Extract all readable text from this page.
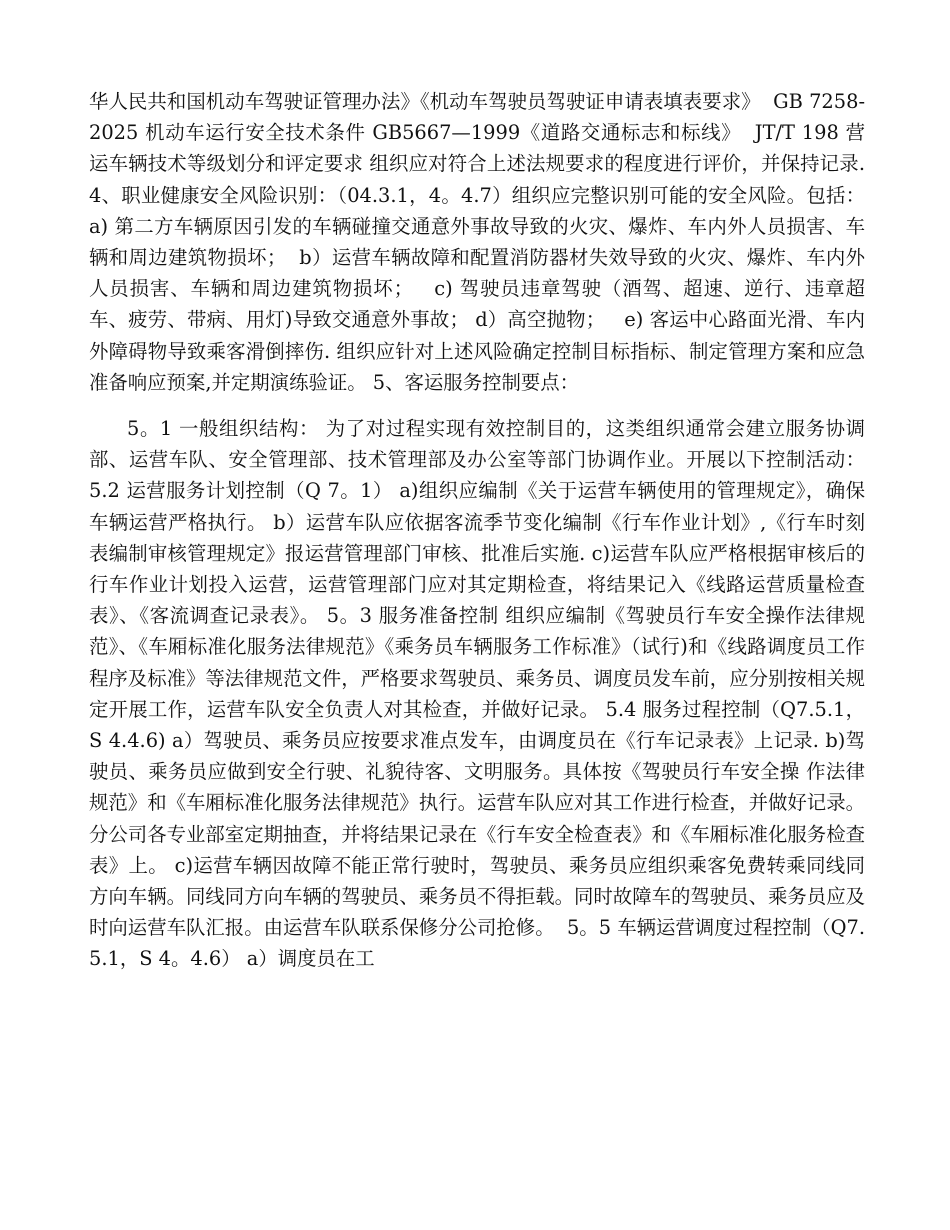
华人民共和国机动车驾驶证管理办法》《机动车驾驶员驾驶证申请表填表要求》  GB 7258-2025 机动车运行安全技术条件 GB5667—1999《道路交通标志和标线》  JT/T 198 营运车辆技术等级划分和评定要求 组织应对符合上述法规要求的程度进行评价，并保持记录. 4、职业健康安全风险识别：（04.3.1，4。4.7）组织应完整识别可能的安全风险。包括：  a) 第二方车辆原因引发的车辆碰撞交通意外事故导致的火灾、爆炸、车内外人员损害、车辆和周边建筑物损坏；  b）运营车辆故障和配置消防器材失效导致的火灾、爆炸、车内外人员损害、车辆和周边建筑物损坏；   c) 驾驶员违章驾驶（酒驾、超速、逆行、违章超车、疲劳、带病、用灯)导致交通意外事故； d）高空抛物；   e) 客运中心路面光滑、车内外障碍物导致乘客滑倒摔伤. 组织应针对上述风险确定控制目标指标、制定管理方案和应急准备响应预案,并定期演练验证。 5、客运服务控制要点：

5。1 一般组织结构： 为了对过程实现有效控制目的，这类组织通常会建立服务协调部、运营车队、安全管理部、技术管理部及办公室等部门协调作业。开展以下控制活动：  5.2 运营服务计划控制（Q 7。1） a)组织应编制《关于运营车辆使用的管理规定》，确保车辆运营严格执行。 b）运营车队应依据客流季节变化编制《行车作业计划》,《行车时刻表编制审核管理规定》报运营管理部门审核、批准后实施. c)运营车队应严格根据审核后的行车作业计划投入运营，运营管理部门应对其定期检查，将结果记入《线路运营质量检查表》、《客流调查记录表》。 5。3 服务准备控制 组织应编制《驾驶员行车安全操作法律规范》、《车厢标准化服务法律规范》《乘务员车辆服务工作标准》（试行)和《线路调度员工作程序及标准》等法律规范文件，严格要求驾驶员、乘务员、调度员发车前，应分别按相关规定开展工作，运营车队安全负责人对其检查，并做好记录。 5.4 服务过程控制（Q7.5.1，S 4.4.6) a）驾驶员、乘务员应按要求准点发车，由调度员在《行车记录表》上记录. b)驾驶员、乘务员应做到安全行驶、礼貌待客、文明服务。具体按《驾驶员行车安全操 作法律规范》和《车厢标准化服务法律规范》执行。运营车队应对其工作进行检查，并做好记录。分公司各专业部室定期抽查，并将结果记录在《行车安全检查表》和《车厢标准化服务检查表》上。 c)运营车辆因故障不能正常行驶时，驾驶员、乘务员应组织乘客免费转乘同线同方向车辆。同线同方向车辆的驾驶员、乘务员不得拒载。同时故障车的驾驶员、乘务员应及时向运营车队汇报。由运营车队联系保修分公司抢修。  5。5 车辆运营调度过程控制（Q7.5.1，S 4。4.6） a）调度员在工
